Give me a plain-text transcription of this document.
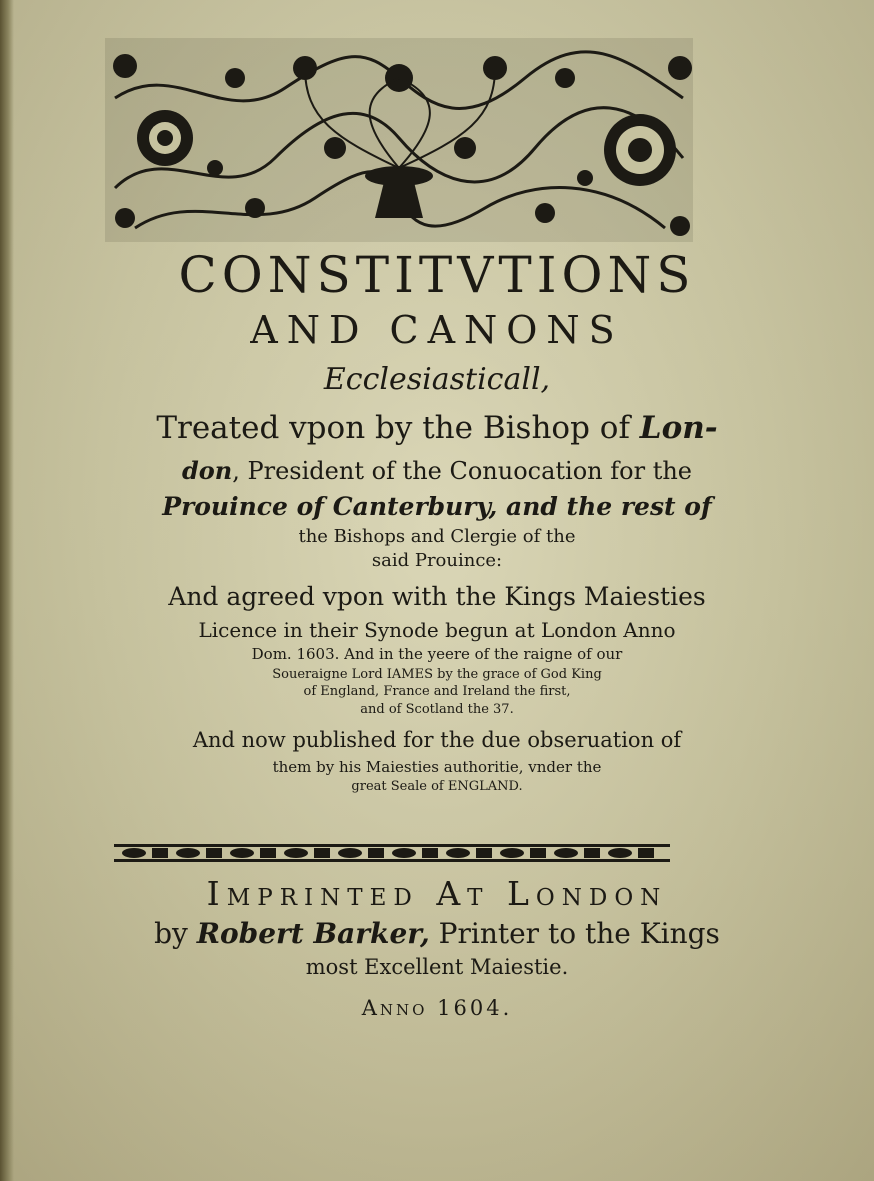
CONSTITVTIONS
AND CANONS
Ecclesiasticall,
Treated vpon by the Bishop of Lon-
don, President of the Conuocation for the
Prouince of Canterbury, and the rest of
the Bishops and Clergie of the
said Prouince:
And agreed vpon with the Kings Maiesties
Licence in their Synode begun at London Anno
Dom. 1603. And in the yeere of the raigne of our
Soueraigne Lord IAMES by the grace of God King
of England, France and Ireland the first,
and of Scotland the 37.
And now published for the due obseruation of
them by his Maiesties authoritie, vnder the
great Seale of ENGLAND.
Imprinted At London
by Robert Barker, Printer to the Kings
most Excellent Maiestie.
Anno 1604.
